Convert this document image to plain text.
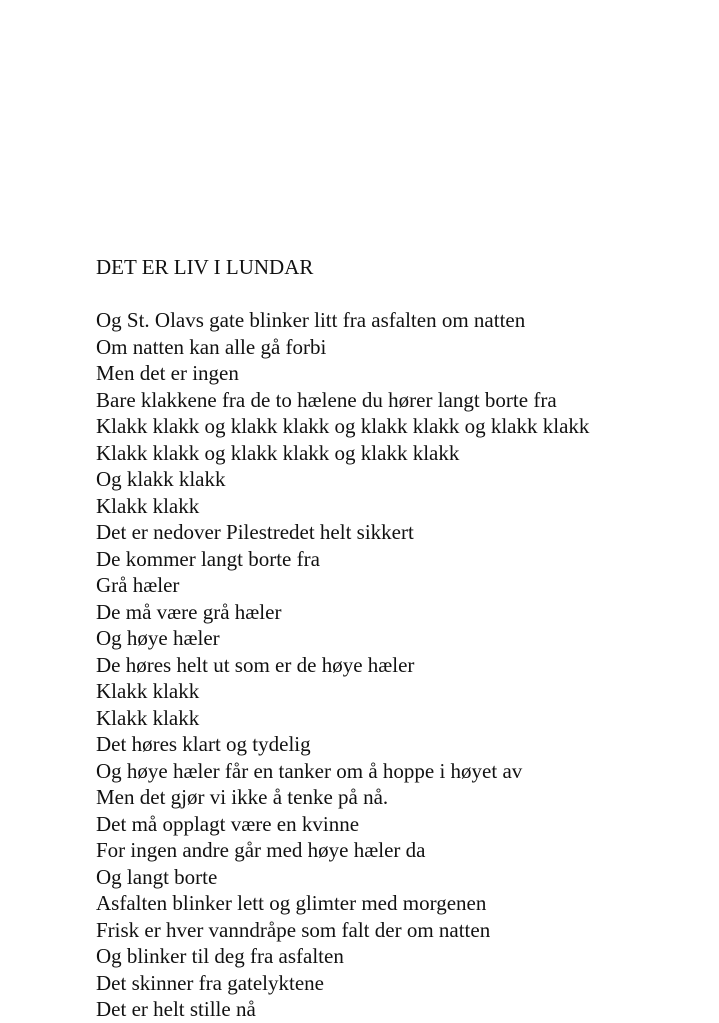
DET ER LIV I LUNDAR
Og St. Olavs gate blinker litt fra asfalten om natten
Om natten kan alle gå forbi
Men det er ingen
Bare klakkene fra de to hælene du hører langt borte fra
Klakk klakk og klakk klakk og klakk klakk og klakk klakk
Klakk klakk og klakk klakk og klakk klakk
Og klakk klakk
Klakk klakk
Det er nedover Pilestredet helt sikkert
De kommer langt borte fra
Grå hæler
De må være grå hæler
Og høye hæler
De høres helt ut som er de høye hæler
Klakk klakk
Klakk klakk
Det høres klart og tydelig
Og høye hæler får en tanker om å hoppe i høyet av
Men det gjør vi ikke å tenke på nå.
Det må opplagt være en kvinne
For ingen andre går med høye hæler da
Og langt borte
Asfalten blinker lett og glimter med morgenen
Frisk er hver vanndråpe som falt der om natten
Og blinker til deg fra asfalten
Det skinner fra gatelyktene
Det er helt stille nå
